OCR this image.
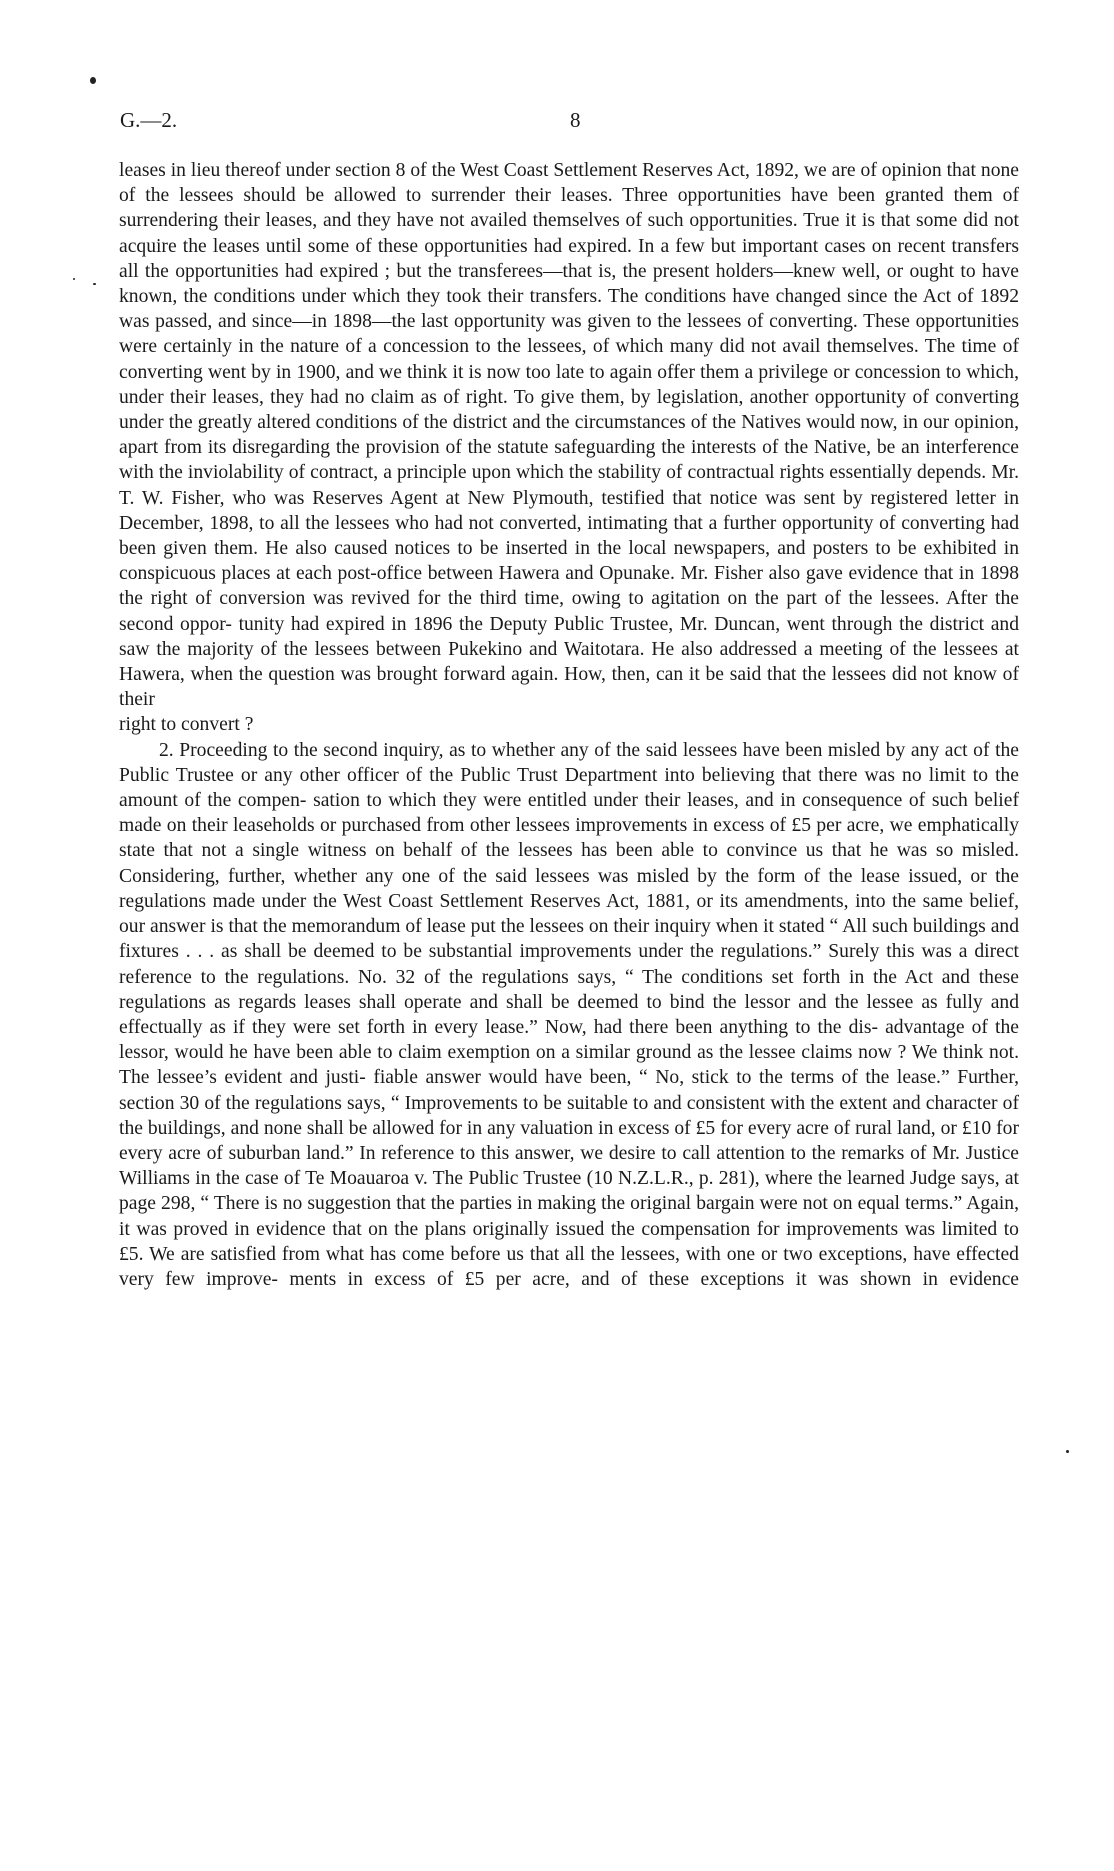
G.—2.	8

leases in lieu thereof under section 8 of the West Coast Settlement Reserves Act, 1892, we are of opinion that none of the lessees should be allowed to surrender their leases. Three opportunities have been granted them of surrendering their leases, and they have not availed themselves of such opportunities. True it is that some did not acquire the leases until some of these opportunities had expired. In a few but important cases on recent transfers all the opportunities had expired ; but the transferees—that is, the present holders—knew well, or ought to have known, the conditions under which they took their transfers. The conditions have changed since the Act of 1892 was passed, and since—in 1898—the last opportunity was given to the lessees of converting. These opportunities were certainly in the nature of a concession to the lessees, of which many did not avail themselves. The time of converting went by in 1900, and we think it is now too late to again offer them a privilege or concession to which, under their leases, they had no claim as of right. To give them, by legislation, another opportunity of converting under the greatly altered conditions of the district and the circumstances of the Natives would now, in our opinion, apart from its disregarding the provision of the statute safeguarding the interests of the Native, be an interference with the inviolability of contract, a principle upon which the stability of contractual rights essentially depends. Mr. T. W. Fisher, who was Reserves Agent at New Plymouth, testified that notice was sent by registered letter in December, 1898, to all the lessees who had not converted, intimating that a further opportunity of converting had been given them. He also caused notices to be inserted in the local newspapers, and posters to be exhibited in conspicuous places at each post-office between Hawera and Opunake. Mr. Fisher also gave evidence that in 1898 the right of conversion was revived for the third time, owing to agitation on the part of the lessees. After the second oppor- tunity had expired in 1896 the Deputy Public Trustee, Mr. Duncan, went through the district and saw the majority of the lessees between Pukekino and Waitotara. He also addressed a meeting of the lessees at Hawera, when the question was brought forward again. How, then, can it be said that the lessees did not know of their

right to convert ?

2. Proceeding to the second inquiry, as to whether any of the said lessees have been misled by any act of the Public Trustee or any other officer of the Public Trust Department into believing that there was no limit to the amount of the compen- sation to which they were entitled under their leases, and in consequence of such belief made on their leaseholds or purchased from other lessees improvements in excess of £5 per acre, we emphatically state that not a single witness on behalf of the lessees has been able to convince us that he was so misled. Considering, further, whether any one of the said lessees was misled by the form of the lease issued, or the regulations made under the West Coast Settlement Reserves Act, 1881, or its amendments, into the same belief, our answer is that the memorandum of lease put the lessees on their inquiry when it stated “ All such buildings and fixtures . . . as shall be deemed to be substantial improvements under the regulations.” Surely this was a direct reference to the regulations. No. 32 of the regulations says, “ The conditions set forth in the Act and these regulations as regards leases shall operate and shall be deemed to bind the lessor and the lessee as fully and effectually as if they were set forth in every lease.” Now, had there been anything to the dis- advantage of the lessor, would he have been able to claim exemption on a similar ground as the lessee claims now ? We think not. The lessee’s evident and justi- fiable answer would have been, “ No, stick to the terms of the lease.” Further, section 30 of the regulations says, “ Improvements to be suitable to and consistent with the extent and character of the buildings, and none shall be allowed for in any valuation in excess of £5 for every acre of rural land, or £10 for every acre of suburban land.” In reference to this answer, we desire to call attention to the remarks of Mr. Justice Williams in the case of Te Moauaroa v. The Public Trustee (10 N.Z.L.R., p. 281), where the learned Judge says, at page 298, “ There is no suggestion that the parties in making the original bargain were not on equal terms.” Again, it was proved in evidence that on the plans originally issued the compensation for improvements was limited to £5. We are satisfied from what has come before us that all the lessees, with one or two exceptions, have effected very few improve- ments in excess of £5 per acre, and of these exceptions it was shown in evidence
